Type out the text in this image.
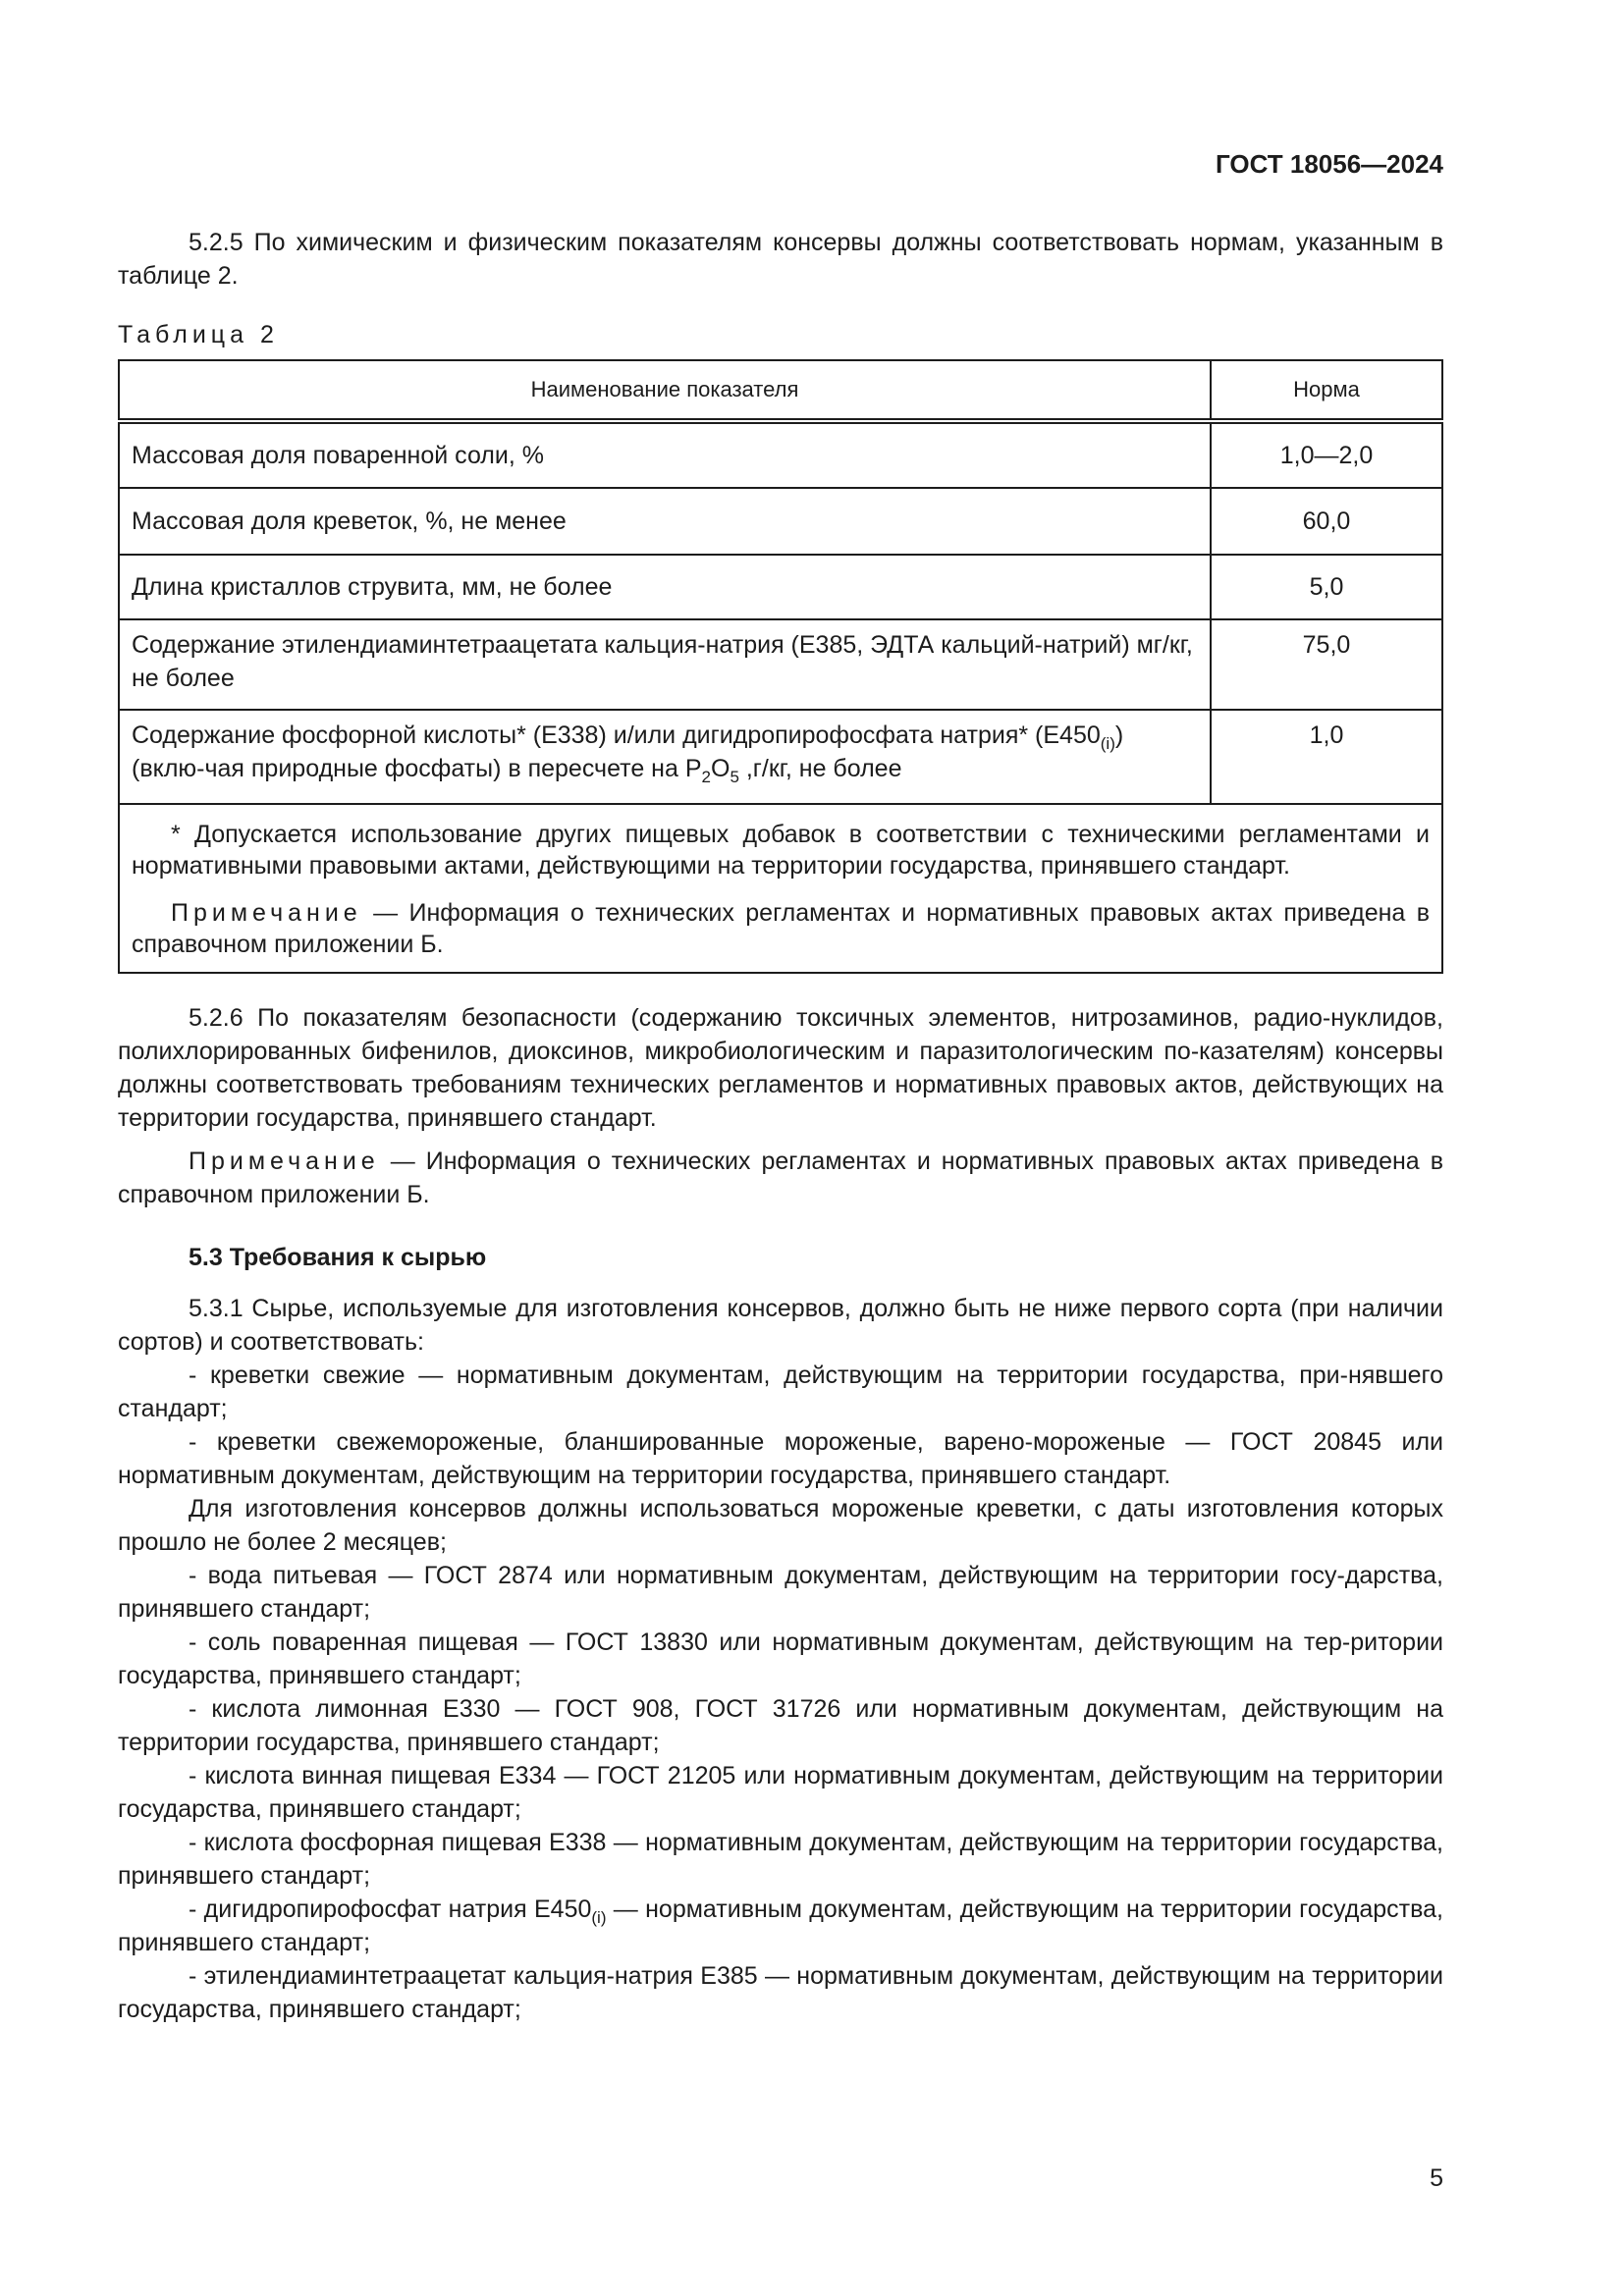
ГОСТ 18056—2024

5.2.5 По химическим и физическим показателям консервы должны соответствовать нормам, указанным в таблице 2.

Таблица 2

Наименование показателя	Норма
Массовая доля поваренной соли, %	1,0—2,0
Массовая доля креветок, %, не менее	60,0
Длина кристаллов струвита, мм, не более	5,0
Содержание этилендиаминтетраацетата кальция-натрия (Е385, ЭДТА кальций-натрий) мг/кг, не более	75,0
Содержание фосфорной кислоты* (Е338) и/или дигидропирофосфата натрия* $(Е450_{(i)})$ (вклю-чая природные фосфаты) в пересчете на $P_2O_5$ ,г/кг, не более	1,0

* Допускается использование других пищевых добавок в соответствии с техническими регламентами и нормативными правовыми актами, действующими на территории государства, принявшего стандарт.

Примечание — Информация о технических регламентах и нормативных правовых актах приведена в справочном приложении Б.	

5.2.6 По показателям безопасности (содержанию токсичных элементов, нитрозаминов, радио-нуклидов, полихлорированных бифенилов, диоксинов, микробиологическим и паразитологическим по-казателям) консервы должны соответствовать требованиям технических регламентов и нормативных правовых актов, действующих на территории государства, принявшего стандарт.

Примечание — Информация о технических регламентах и нормативных правовых актах приведена в справочном приложении Б.

5.3 Требования к сырью

5.3.1 Сырье, используемые для изготовления консервов, должно быть не ниже первого сорта (при наличии сортов) и соответствовать:

- креветки свежие — нормативным документам, действующим на территории государства, при-нявшего стандарт;

- креветки свежемороженые, бланшированные мороженые, варено-мороженые — ГОСТ 20845 или нормативным документам, действующим на территории государства, принявшего стандарт.

Для изготовления консервов должны использоваться мороженые креветки, с даты изготовления которых прошло не более 2 месяцев;

- вода питьевая — ГОСТ 2874 или нормативным документам, действующим на территории госу-дарства, принявшего стандарт;

- соль поваренная пищевая — ГОСТ 13830 или нормативным документам, действующим на тер-ритории государства, принявшего стандарт;

- кислота лимонная Е330 — ГОСТ 908, ГОСТ 31726 или нормативным документам, действующим на территории государства, принявшего стандарт;

- кислота винная пищевая Е334 — ГОСТ 21205 или нормативным документам, действующим на территории государства, принявшего стандарт;

- кислота фосфорная пищевая Е338 — нормативным документам, действующим на территории государства, принявшего стандарт;

- дигидропирофосфат натрия $Е450_{(i)}$ — нормативным документам, действующим на территории государства, принявшего стандарт;

- этилендиаминтетраацетат кальция-натрия Е385 — нормативным документам, действующим на территории государства, принявшего стандарт;

5
